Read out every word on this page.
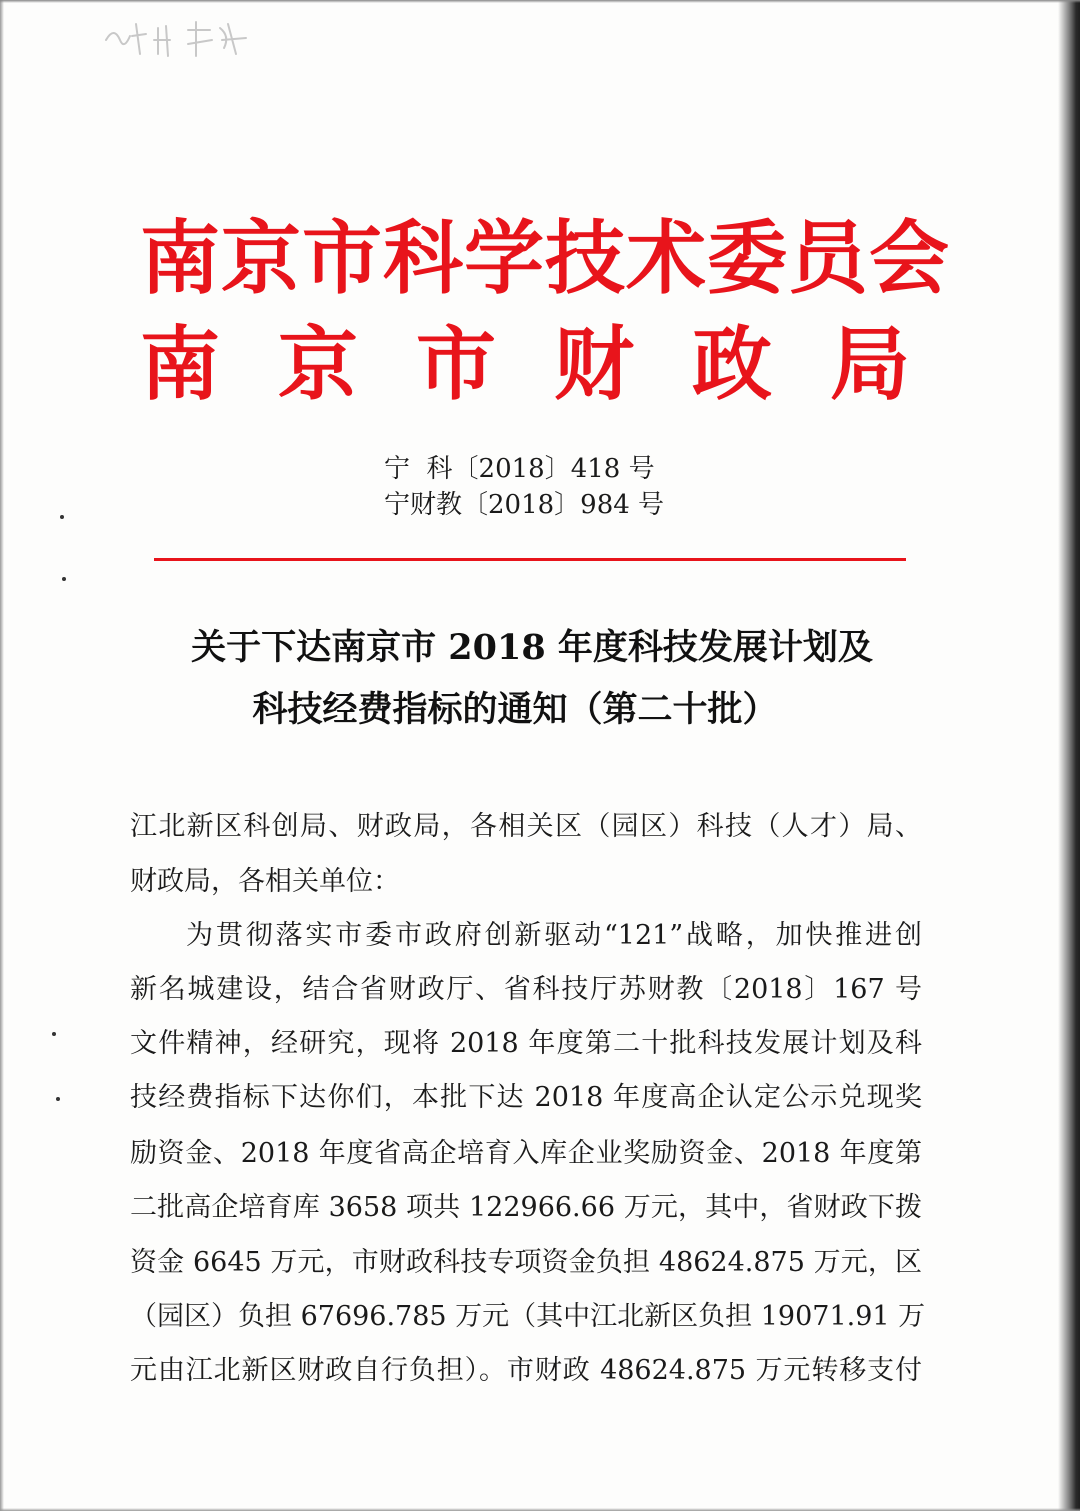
南京市科学技术委员会
南 京 市 财 政 局
宁  科〔2018〕418 号
宁财教〔2018〕984 号
关于下达南京市 2018 年度科技发展计划及
科技经费指标的通知（第二十批）
江北新区科创局、财政局，各相关区（园区）科技（人才）局、
财政局，各相关单位：
为贯彻落实市委市政府创新驱动“121”战略，加快推进创
新名城建设，结合省财政厅、省科技厅苏财教〔2018〕167 号
文件精神，经研究，现将 2018 年度第二十批科技发展计划及科
技经费指标下达你们，本批下达 2018 年度高企认定公示兑现奖
励资金、2018 年度省高企培育入库企业奖励资金、2018 年度第
二批高企培育库 3658 项共 122966.66 万元，其中，省财政下拨
资金 6645 万元，市财政科技专项资金负担 48624.875 万元，区
（园区）负担 67696.785 万元（其中江北新区负担 19071.91 万
元由江北新区财政自行负担）。市财政 48624.875 万元转移支付
